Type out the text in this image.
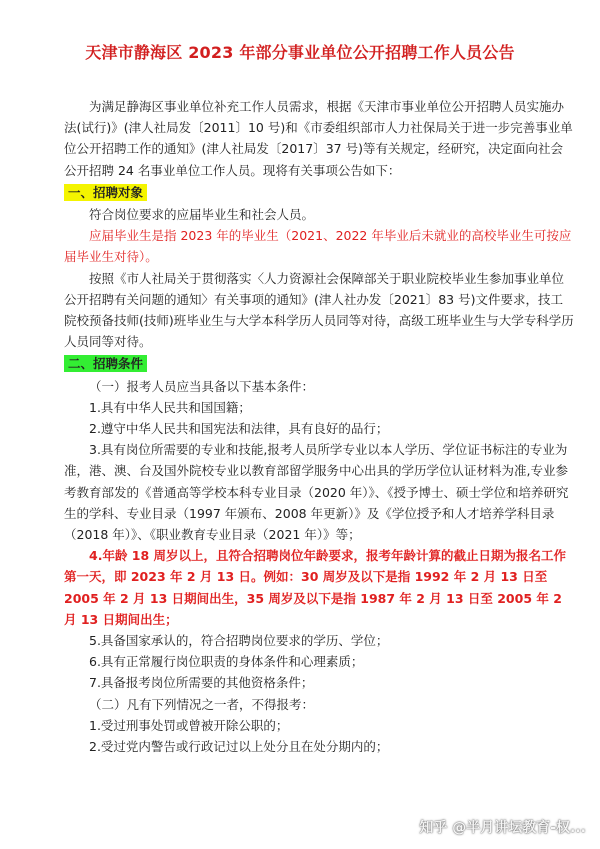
天津市静海区 2023 年部分事业单位公开招聘工作人员公告

为满足静海区事业单位补充工作人员需求，根据《天津市事业单位公开招聘人员实施办法(试行)》(津人社局发〔2011〕10 号)和《市委组织部市人力社保局关于进一步完善事业单位公开招聘工作的通知》(津人社局发〔2017〕37 号)等有关规定，经研究，决定面向社会公开招聘 24 名事业单位工作人员。现将有关事项公告如下：

一、招聘对象

符合岗位要求的应届毕业生和社会人员。

应届毕业生是指 2023 年的毕业生（2021、2022 年毕业后未就业的高校毕业生可按应届毕业生对待）。

按照《市人社局关于贯彻落实〈人力资源社会保障部关于职业院校毕业生参加事业单位公开招聘有关问题的通知〉有关事项的通知》(津人社办发〔2021〕83 号)文件要求，技工院校预备技师(技师)班毕业生与大学本科学历人员同等对待，高级工班毕业生与大学专科学历人员同等对待。

二、招聘条件

（一）报考人员应当具备以下基本条件：

1.具有中华人民共和国国籍；

2.遵守中华人民共和国宪法和法律，具有良好的品行；

3.具有岗位所需要的专业和技能,报考人员所学专业以本人学历、学位证书标注的专业为准，港、澳、台及国外院校专业以教育部留学服务中心出具的学历学位认证材料为准,专业参考教育部发的《普通高等学校本科专业目录（2020 年）》、《授予博士、硕士学位和培养研究生的学科、专业目录（1997 年颁布、2008 年更新）》及《学位授予和人才培养学科目录（2018 年）》、《职业教育专业目录（2021 年）》等；

4.年龄 18 周岁以上，且符合招聘岗位年龄要求，报考年龄计算的截止日期为报名工作第一天，即 2023 年 2 月 13 日。例如：30 周岁及以下是指 1992 年 2 月 13 日至 2005 年 2 月 13 日期间出生，35 周岁及以下是指 1987 年 2 月 13 日至 2005 年 2 月 13 日期间出生；

5.具备国家承认的，符合招聘岗位要求的学历、学位；

6.具有正常履行岗位职责的身体条件和心理素质；

7.具备报考岗位所需要的其他资格条件；

（二）凡有下列情况之一者，不得报考：

1.受过刑事处罚或曾被开除公职的；

2.受过党内警告或行政记过以上处分且在处分期内的；

知乎 @半月讲坛教育-权...
